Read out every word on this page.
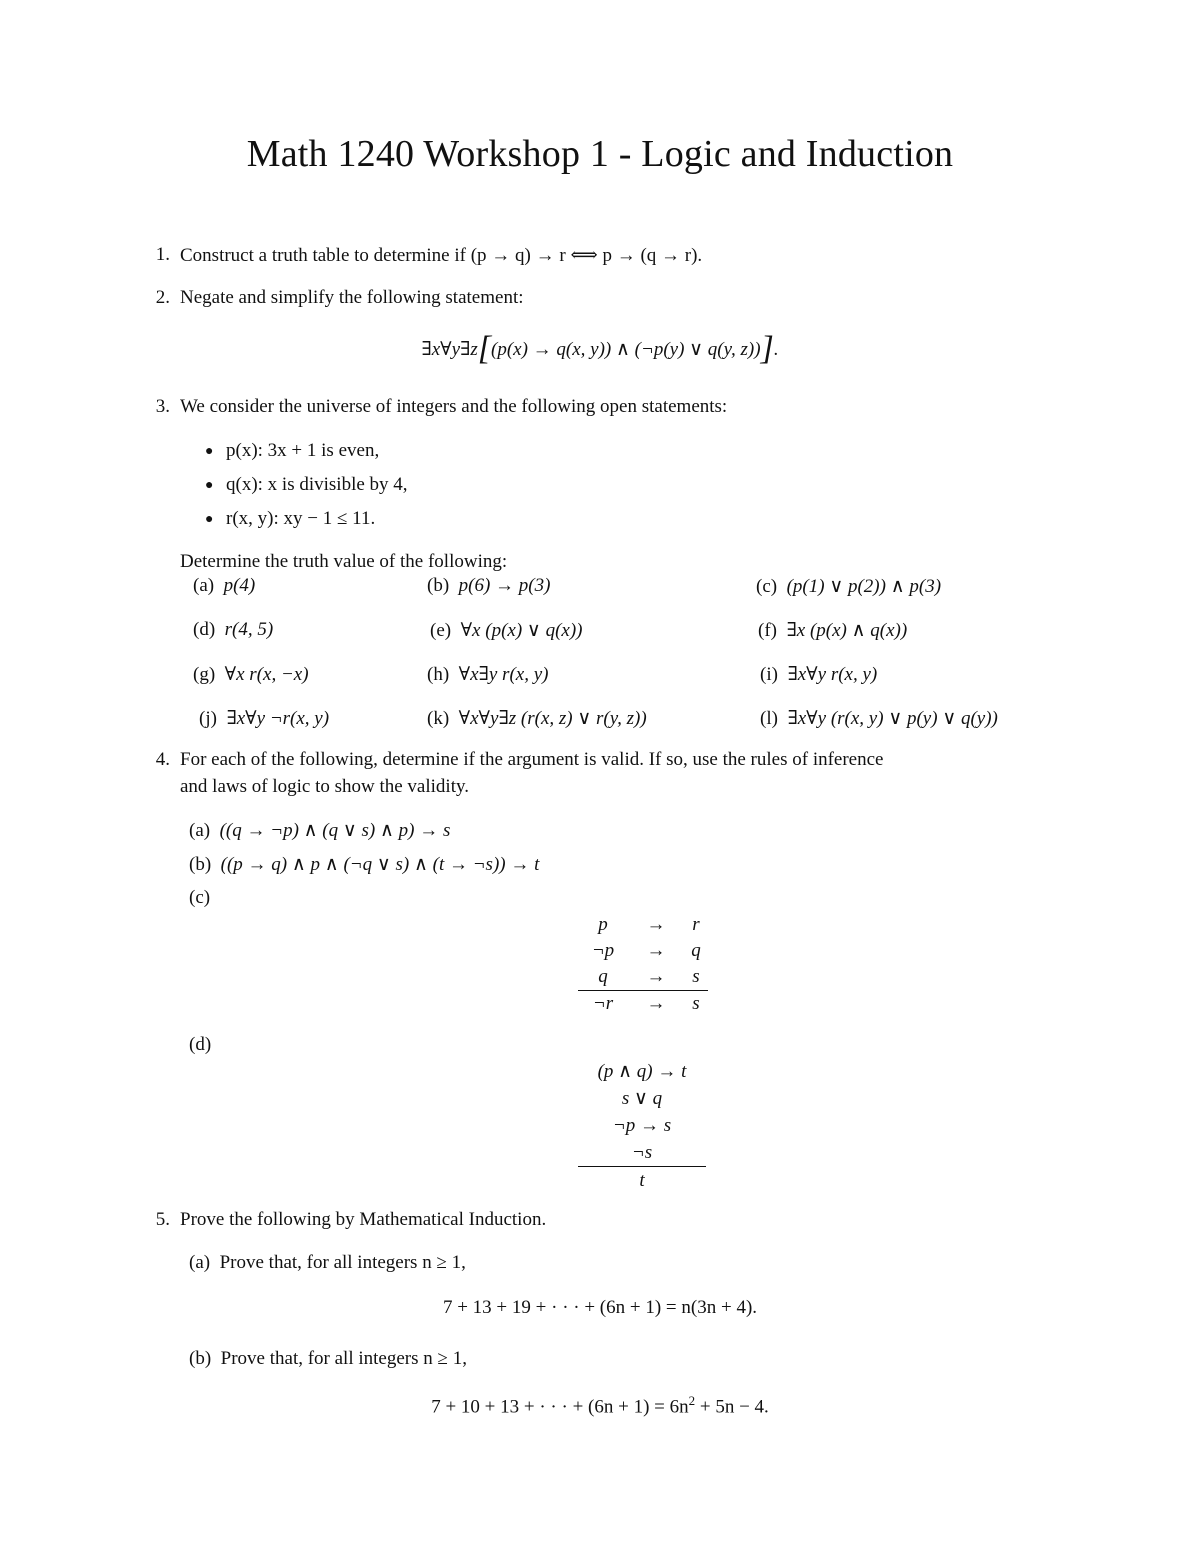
Math 1240 Workshop 1 - Logic and Induction
1. Construct a truth table to determine if (p → q) → r ⟺ p → (q → r).
2. Negate and simplify the following statement:
∃x∀y∃z[(p(x) → q(x, y)) ∧ (¬p(y) ∨ q(y, z))].
3. We consider the universe of integers and the following open statements:
● p(x): 3x + 1 is even,
● q(x): x is divisible by 4,
● r(x, y): xy − 1 ≤ 11.
Determine the truth value of the following:
(a) p(4)	(b) p(6) → p(3)	(c) (p(1) ∨ p(2)) ∧ p(3)
(d) r(4, 5)	(e) ∀x (p(x) ∨ q(x))	(f) ∃x (p(x) ∧ q(x))
(g) ∀x r(x, −x)	(h) ∀x∃y r(x, y)	(i) ∃x∀y r(x, y)
(j) ∃x∀y ¬r(x, y)	(k) ∀x∀y∃z (r(x, z) ∨ r(y, z))	(l) ∃x∀y (r(x, y) ∨ p(y) ∨ q(y))
4. For each of the following, determine if the argument is valid. If so, use the rules of inference
and laws of logic to show the validity.
(a) ((q → ¬p) ∧ (q ∨ s) ∧ p) → s
(b) ((p → q) ∧ p ∧ (¬q ∨ s) ∧ (t → ¬s)) → t
(c)
p → r
¬p → q
q → s
¬r → s
(d)
(p ∧ q) → t
s ∨ q
¬p → s
¬s
t
5. Prove the following by Mathematical Induction.
(a) Prove that, for all integers n ≥ 1,
7 + 13 + 19 + · · · + (6n + 1) = n(3n + 4).
(b) Prove that, for all integers n ≥ 1,
7 + 10 + 13 + · · · + $(6n + 1) = 6n^2 + 5n - 4$.
